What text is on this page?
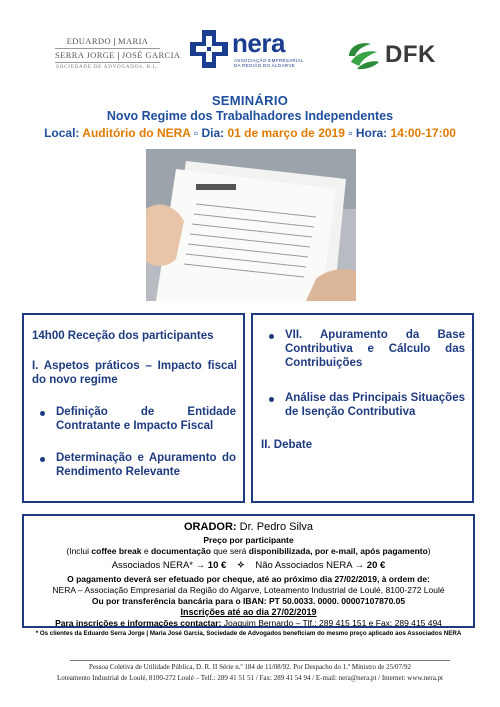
EDUARDO MARIA
SERRA JORGE JOSÉ GARCIA
SOCIEDADE DE ADVOGADOS, R.L.
nera
ASSOCIAÇÃO EMPRESARIAL
DA REGIÃO DO ALGARVE	DFK
SEMINÁRIO
Novo Regime dos Trabalhadores Independentes
Local: Auditório do NERA ▫ Dia: 01 de março de 2019 ▫ Hora: 14:00-17:00
14h00 Receção dos participantes
I. Aspetos práticos – Impacto fiscal do novo regime
Definição de Entidade Contratante e Impacto Fiscal
Determinação e Apuramento do Rendimento Relevante
VII. Apuramento da Base Contributiva e Cálculo das Contribuições
Análise das Principais Situações de Isenção Contributiva
II. Debate
ORADOR: Dr. Pedro Silva
Preço por participante
(Inclui coffee break e documentação que será disponibilizada, por e-mail, após pagamento)
Associados NERA* → 10 € ✧ Não Associados NERA → 20 €
O pagamento deverá ser efetuado por cheque, até ao próximo dia 27/02/2019, à ordem de:
NERA – Associação Empresarial da Região do Algarve, Loteamento Industrial de Loulé, 8100-272 Loulé
Ou por transferência bancária para o IBAN: PT 50.0033. 0000. 00007107870.05
Inscrições até ao dia 27/02/2019
Para inscrições e informações contactar: Joaquim Bernardo – Tlf.: 289 415 151 e Fax: 289 415 494
* Os clientes da Eduardo Serra Jorge | Maria José Garcia, Sociedade de Advogados beneficiam do mesmo preço aplicado aos Associados NERA
Pessoa Coletiva de Utilidade Pública, D. R. II Série n.º 184 de 11/08/92. Por Despacho do 1.º Ministro de 25/07/92
Loteamento Industrial de Loulé, 8100-272 Loulé – Telf.: 289 41 51 51 / Fax: 289 41 54 94 / E-mail: nera@nera.pt / Internet: www.nera.pt
